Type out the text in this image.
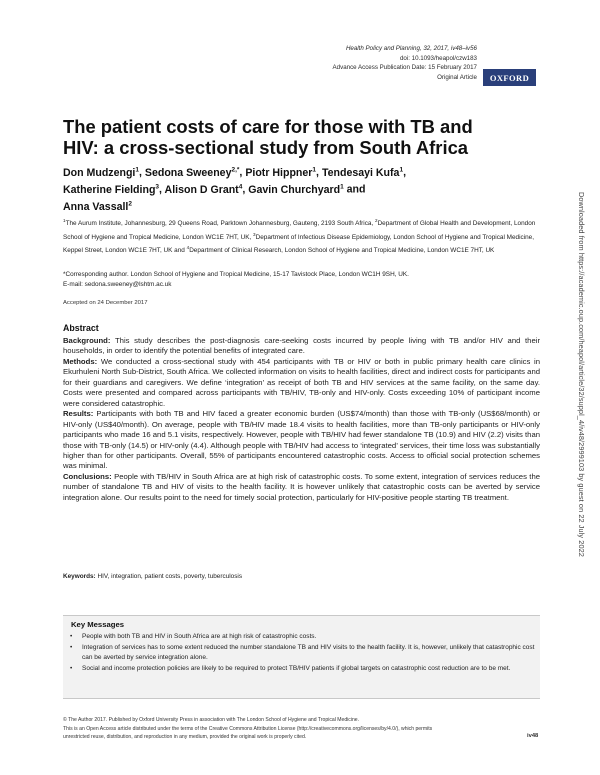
Health Policy and Planning, 32, 2017, iv48–iv56
doi: 10.1093/heapol/czw183
Advance Access Publication Date: 15 February 2017
Original Article	OXFORD
The patient costs of care for those with TB and HIV: a cross-sectional study from South Africa
Don Mudzengi$^1$, Sedona Sweeney$^{2,*}$, Piotr Hippner$^1$, Tendesayi Kufa$^1$,
Katherine Fielding$^3$, Alison D Grant$^4$, Gavin Churchyard$^1$ and
Anna Vassall$^2$
$^1$The Aurum Institute, Johannesburg, 29 Queens Road, Parktown Johannesburg, Gauteng, 2193 South Africa, $^2$Department of Global Health and Development, London School of Hygiene and Tropical Medicine, London WC1E 7HT, UK, $^3$Department of Infectious Disease Epidemiology, London School of Hygiene and Tropical Medicine, Keppel Street, London WC1E 7HT, UK and $^4$Department of Clinical Research, London School of Hygiene and Tropical Medicine, London WC1E 7HT, UK
*Corresponding author. London School of Hygiene and Tropical Medicine, 15-17 Tavistock Place, London WC1H 9SH, UK.
E-mail: sedona.sweeney@lshtm.ac.uk
Accepted on 24 December 2017
Abstract

Background: This study describes the post-diagnosis care-seeking costs incurred by people living with TB and/or HIV and their households, in order to identify the potential benefits of integrated care.

Methods: We conducted a cross-sectional study with 454 participants with TB or HIV or both in public primary health care clinics in Ekurhuleni North Sub-District, South Africa. We collected information on visits to health facilities, direct and indirect costs for participants and for their guardians and caregivers. We define ‘integration’ as receipt of both TB and HIV services at the same facility, on the same day. Costs were presented and compared across participants with TB/HIV, TB-only and HIV-only. Costs exceeding 10% of participant income were considered catastrophic.

Results: Participants with both TB and HIV faced a greater economic burden (US$74/month) than those with TB-only (US$68/month) or HIV-only (US$40/month). On average, people with TB/HIV made 18.4 visits to health facilities, more than TB-only participants or HIV-only participants who made 16 and 5.1 visits, respectively. However, people with TB/HIV had fewer standalone TB (10.9) and HIV (2.2) visits than those with TB-only (14.5) or HIV-only (4.4). Although people with TB/HIV had access to ‘integrated’ services, their time loss was substantially higher than for other participants. Overall, 55% of participants encountered catastrophic costs. Access to official social protection schemes was minimal.

Conclusions: People with TB/HIV in South Africa are at high risk of catastrophic costs. To some extent, integration of services reduces the number of standalone TB and HIV of visits to the health facility. It is however unlikely that catastrophic costs can be averted by service integration alone. Our results point to the need for timely social protection, particularly for HIV-positive people starting TB treatment.

Keywords: HIV, integration, patient costs, poverty, tuberculosis
Key Messages
• People with both TB and HIV in South Africa are at high risk of catastrophic costs.
• Integration of services has to some extent reduced the number standalone TB and HIV visits to the health facility. It is, however, unlikely that catastrophic cost can be averted by service integration alone.
• Social and income protection policies are likely to be required to protect TB/HIV patients if global targets on catastrophic cost reduction are to be met.
© The Author 2017. Published by Oxford University Press in association with The London School of Hygiene and Tropical Medicine.
This is an Open Access article distributed under the terms of the Creative Commons Attribution License (http://creativecommons.org/licenses/by/4.0/), which permits
unrestricted reuse, distribution, and reproduction in any medium, provided the original work is properly cited.	iv48
Downloaded from https://academic.oup.com/heapol/article/32/suppl_4/iv48/2999103 by guest on 22 July 2022
